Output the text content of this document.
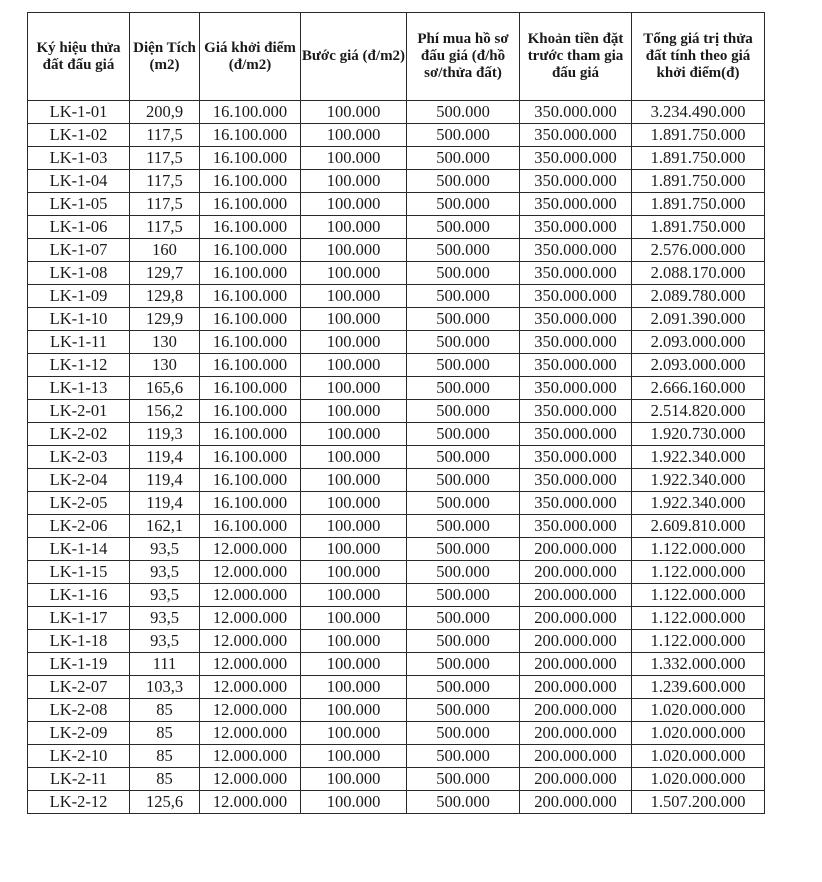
Ký hiệu thửa đất đấu giá	Diện Tích (m2)	Giá khởi điểm (đ/m2)	Bước giá (đ/m2)	Phí mua hồ sơ đấu giá (đ/hồ sơ/thửa đất)	Khoản tiền đặt trước tham gia đấu giá	Tổng giá trị thửa đất tính theo giá khởi điểm(đ)
LK-1-01	200,9	16.100.000	100.000	500.000	350.000.000	3.234.490.000
LK-1-02	117,5	16.100.000	100.000	500.000	350.000.000	1.891.750.000
LK-1-03	117,5	16.100.000	100.000	500.000	350.000.000	1.891.750.000
LK-1-04	117,5	16.100.000	100.000	500.000	350.000.000	1.891.750.000
LK-1-05	117,5	16.100.000	100.000	500.000	350.000.000	1.891.750.000
LK-1-06	117,5	16.100.000	100.000	500.000	350.000.000	1.891.750.000
LK-1-07	160	16.100.000	100.000	500.000	350.000.000	2.576.000.000
LK-1-08	129,7	16.100.000	100.000	500.000	350.000.000	2.088.170.000
LK-1-09	129,8	16.100.000	100.000	500.000	350.000.000	2.089.780.000
LK-1-10	129,9	16.100.000	100.000	500.000	350.000.000	2.091.390.000
LK-1-11	130	16.100.000	100.000	500.000	350.000.000	2.093.000.000
LK-1-12	130	16.100.000	100.000	500.000	350.000.000	2.093.000.000
LK-1-13	165,6	16.100.000	100.000	500.000	350.000.000	2.666.160.000
LK-2-01	156,2	16.100.000	100.000	500.000	350.000.000	2.514.820.000
LK-2-02	119,3	16.100.000	100.000	500.000	350.000.000	1.920.730.000
LK-2-03	119,4	16.100.000	100.000	500.000	350.000.000	1.922.340.000
LK-2-04	119,4	16.100.000	100.000	500.000	350.000.000	1.922.340.000
LK-2-05	119,4	16.100.000	100.000	500.000	350.000.000	1.922.340.000
LK-2-06	162,1	16.100.000	100.000	500.000	350.000.000	2.609.810.000
LK-1-14	93,5	12.000.000	100.000	500.000	200.000.000	1.122.000.000
LK-1-15	93,5	12.000.000	100.000	500.000	200.000.000	1.122.000.000
LK-1-16	93,5	12.000.000	100.000	500.000	200.000.000	1.122.000.000
LK-1-17	93,5	12.000.000	100.000	500.000	200.000.000	1.122.000.000
LK-1-18	93,5	12.000.000	100.000	500.000	200.000.000	1.122.000.000
LK-1-19	111	12.000.000	100.000	500.000	200.000.000	1.332.000.000
LK-2-07	103,3	12.000.000	100.000	500.000	200.000.000	1.239.600.000
LK-2-08	85	12.000.000	100.000	500.000	200.000.000	1.020.000.000
LK-2-09	85	12.000.000	100.000	500.000	200.000.000	1.020.000.000
LK-2-10	85	12.000.000	100.000	500.000	200.000.000	1.020.000.000
LK-2-11	85	12.000.000	100.000	500.000	200.000.000	1.020.000.000
LK-2-12	125,6	12.000.000	100.000	500.000	200.000.000	1.507.200.000
